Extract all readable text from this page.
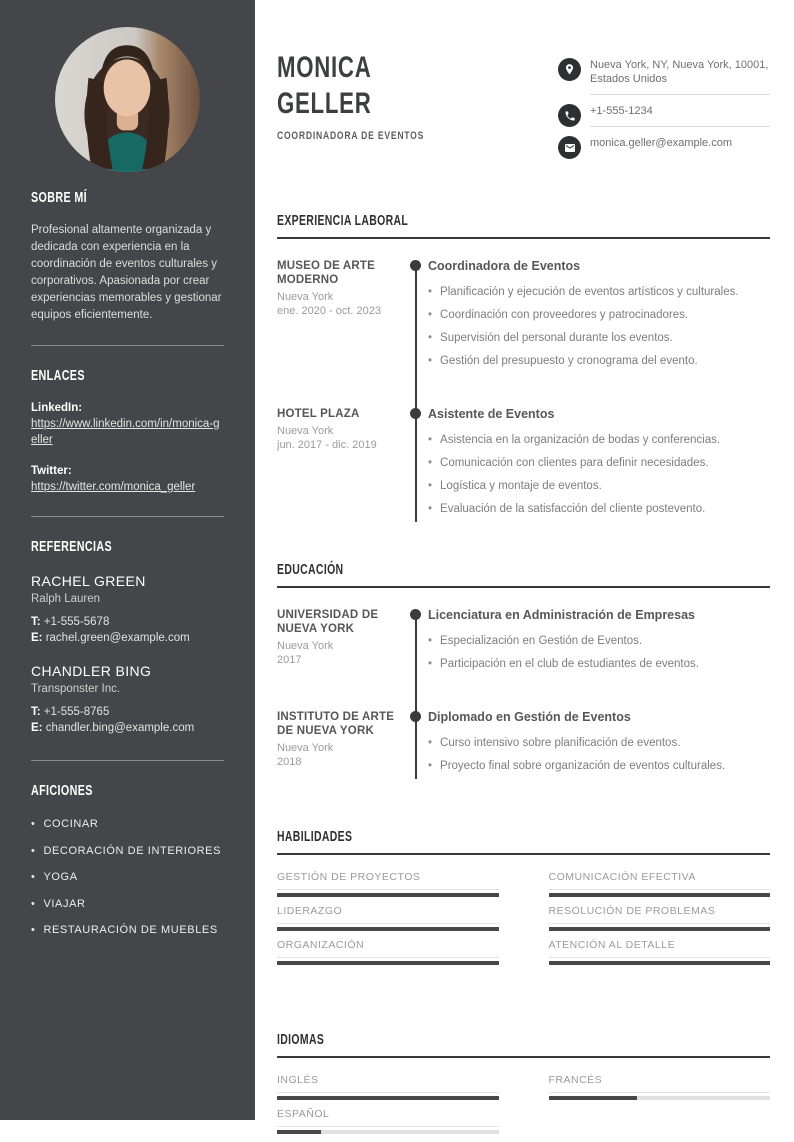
SOBRE MÍ

Profesional altamente organizada y dedicada con experiencia en la coordinación de eventos culturales y corporativos. Apasionada por crear experiencias memorables y gestionar equipos eficientemente.

ENLACES
LinkedIn:
https://www.linkedin.com/in/monica-geller
Twitter:
https://twitter.com/monica_geller
REFERENCIAS
RACHEL GREEN
Ralph Lauren
T: +1-555-5678
E: rachel.green@example.com
CHANDLER BING
Transponster Inc.
T: +1-555-8765
E: chandler.bing@example.com
AFICIONES
• COCINAR
• DECORACIÓN DE INTERIORES
• YOGA
• VIAJAR
• RESTAURACIÓN DE MUEBLES
MONICA
GELLER
COORDINADORA DE EVENTOS
Nueva York, NY, Nueva York, 10001, Estados Unidos
+1-555-1234
monica.geller@example.com
EXPERIENCIA LABORAL
MUSEO DE ARTE MODERNO
Nueva York
ene. 2020 - oct. 2023
Coordinadora de Eventos
• Planificación y ejecución de eventos artísticos y culturales.
• Coordinación con proveedores y patrocinadores.
• Supervisión del personal durante los eventos.
• Gestión del presupuesto y cronograma del evento.
HOTEL PLAZA
Nueva York
jun. 2017 - dic. 2019
Asistente de Eventos
• Asistencia en la organización de bodas y conferencias.
• Comunicación con clientes para definir necesidades.
• Logística y montaje de eventos.
• Evaluación de la satisfacción del cliente postevento.
EDUCACIÓN
UNIVERSIDAD DE NUEVA YORK
Nueva York
2017
Licenciatura en Administración de Empresas
• Especialización en Gestión de Eventos.
• Participación en el club de estudiantes de eventos.
INSTITUTO DE ARTE DE NUEVA YORK
Nueva York
2018
Diplomado en Gestión de Eventos
• Curso intensivo sobre planificación de eventos.
• Proyecto final sobre organización de eventos culturales.
HABILIDADES
GESTIÓN DE PROYECTOS	COMUNICACIÓN EFECTIVA
LIDERAZGO	RESOLUCIÓN DE PROBLEMAS
ORGANIZACIÓN	ATENCIÓN AL DETALLE
IDIOMAS
INGLÉS	FRANCÉS
ESPAÑOL
